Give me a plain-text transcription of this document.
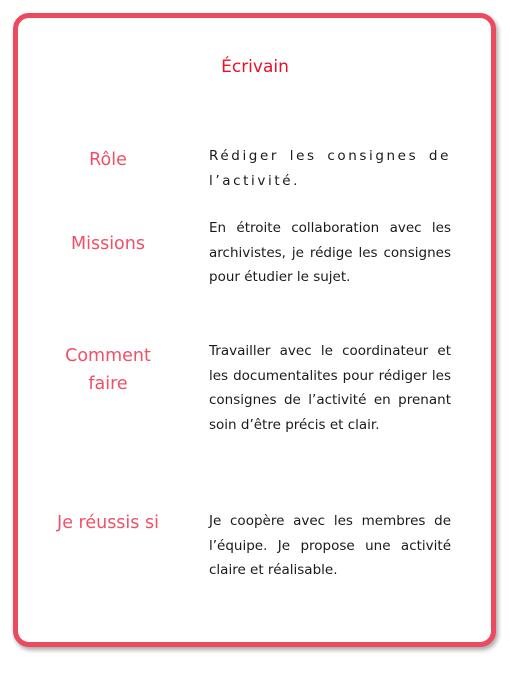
Écrivain
Rôle	Rédiger les consignes de l’activité.
Missions
En étroite collaboration avec les archivistes, je rédige les consignes pour étudier le sujet.
Comment faire
Travailler avec le coordinateur et les documentalites pour rédiger les consignes de l’activité en prenant soin d’être précis et clair.
Je réussis si	Je coopère avec les membres de l’équipe. Je propose une activité claire et réalisable.
